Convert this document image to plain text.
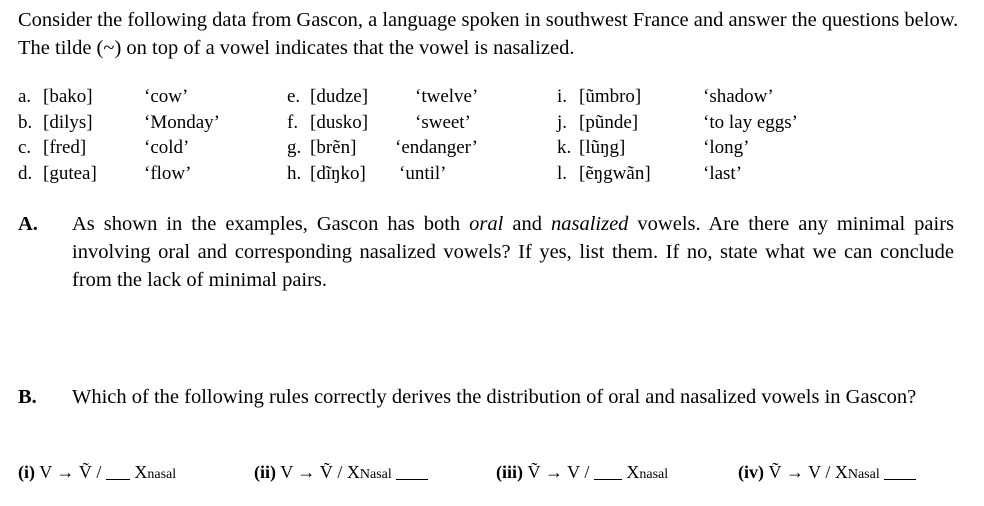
Consider the following data from Gascon, a language spoken in southwest France and answer the questions below. The tilde (~) on top of a vowel indicates that the vowel is nasalized.
a. [bako]	‘cow’
b. [dilys]	‘Monday’
c. [fred]	‘cold’
d. [gutea] ‘flow’
e. [dudze] ‘twelve’
f. [dusko] ‘sweet’
g. [brẽn] ‘endanger’
h. [dĩŋko] ‘until’
i. [ũmbro]	‘shadow’
j. [pũnde]	‘to lay eggs’
k. [lũŋg]	‘long’
l. [ẽŋgwãn]	‘last’
A. As shown in the examples, Gascon has both oral and nasalized vowels. Are there any minimal pairs involving oral and corresponding nasalized vowels? If yes, list them. If no, state what we can conclude from the lack of minimal pairs.
B. Which of the following rules correctly derives the distribution of oral and nasalized vowels in Gascon?
(i) V → Ṽ / Xnasal	(ii) V → Ṽ / XNasal	(iii) Ṽ → V / Xnasal	(iv) Ṽ → V / XNasal
